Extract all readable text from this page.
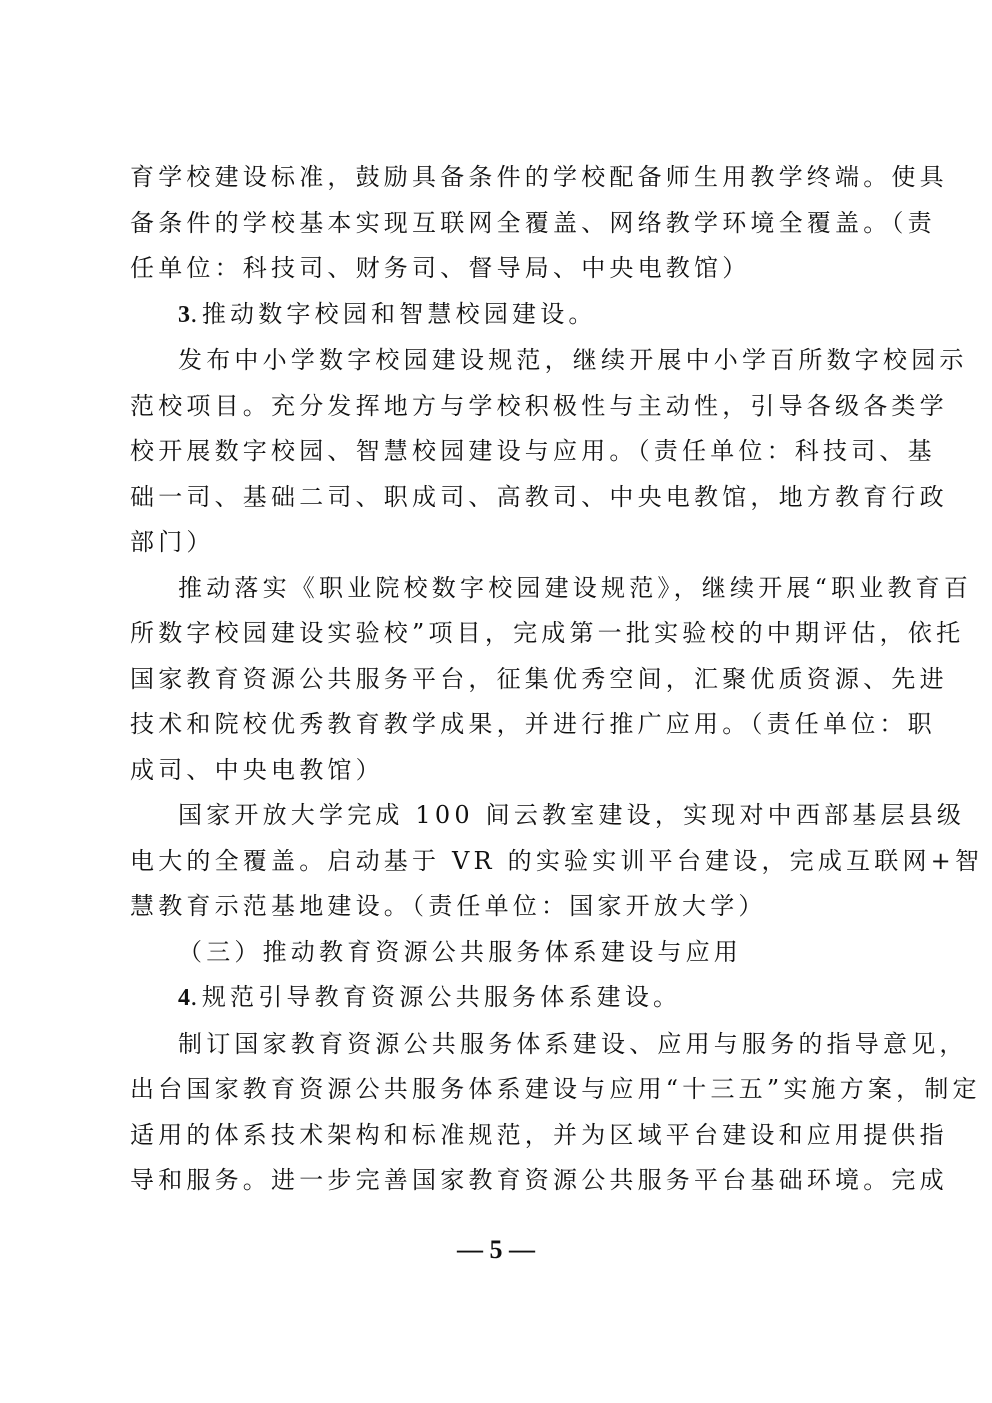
育学校建设标准，鼓励具备条件的学校配备师生用教学终端。使具
备条件的学校基本实现互联网全覆盖、网络教学环境全覆盖。（责
任单位：科技司、财务司、督导局、中央电教馆）

3.推动数字校园和智慧校园建设。

发布中小学数字校园建设规范，继续开展中小学百所数字校园示
范校项目。充分发挥地方与学校积极性与主动性，引导各级各类学
校开展数字校园、智慧校园建设与应用。（责任单位：科技司、基
础一司、基础二司、职成司、高教司、中央电教馆，地方教育行政
部门）

推动落实《职业院校数字校园建设规范》，继续开展“职业教育百
所数字校园建设实验校”项目，完成第一批实验校的中期评估，依托
国家教育资源公共服务平台，征集优秀空间，汇聚优质资源、先进
技术和院校优秀教育教学成果，并进行推广应用。（责任单位：职
成司、中央电教馆）

国家开放大学完成 100 间云教室建设，实现对中西部基层县级
电大的全覆盖。启动基于 VR 的实验实训平台建设，完成互联网+智
慧教育示范基地建设。（责任单位：国家开放大学）

（三）推动教育资源公共服务体系建设与应用

4.规范引导教育资源公共服务体系建设。

制订国家教育资源公共服务体系建设、应用与服务的指导意见，
出台国家教育资源公共服务体系建设与应用“十三五”实施方案，制定
适用的体系技术架构和标准规范，并为区域平台建设和应用提供指
导和服务。进一步完善国家教育资源公共服务平台基础环境。完成

— 5 —
